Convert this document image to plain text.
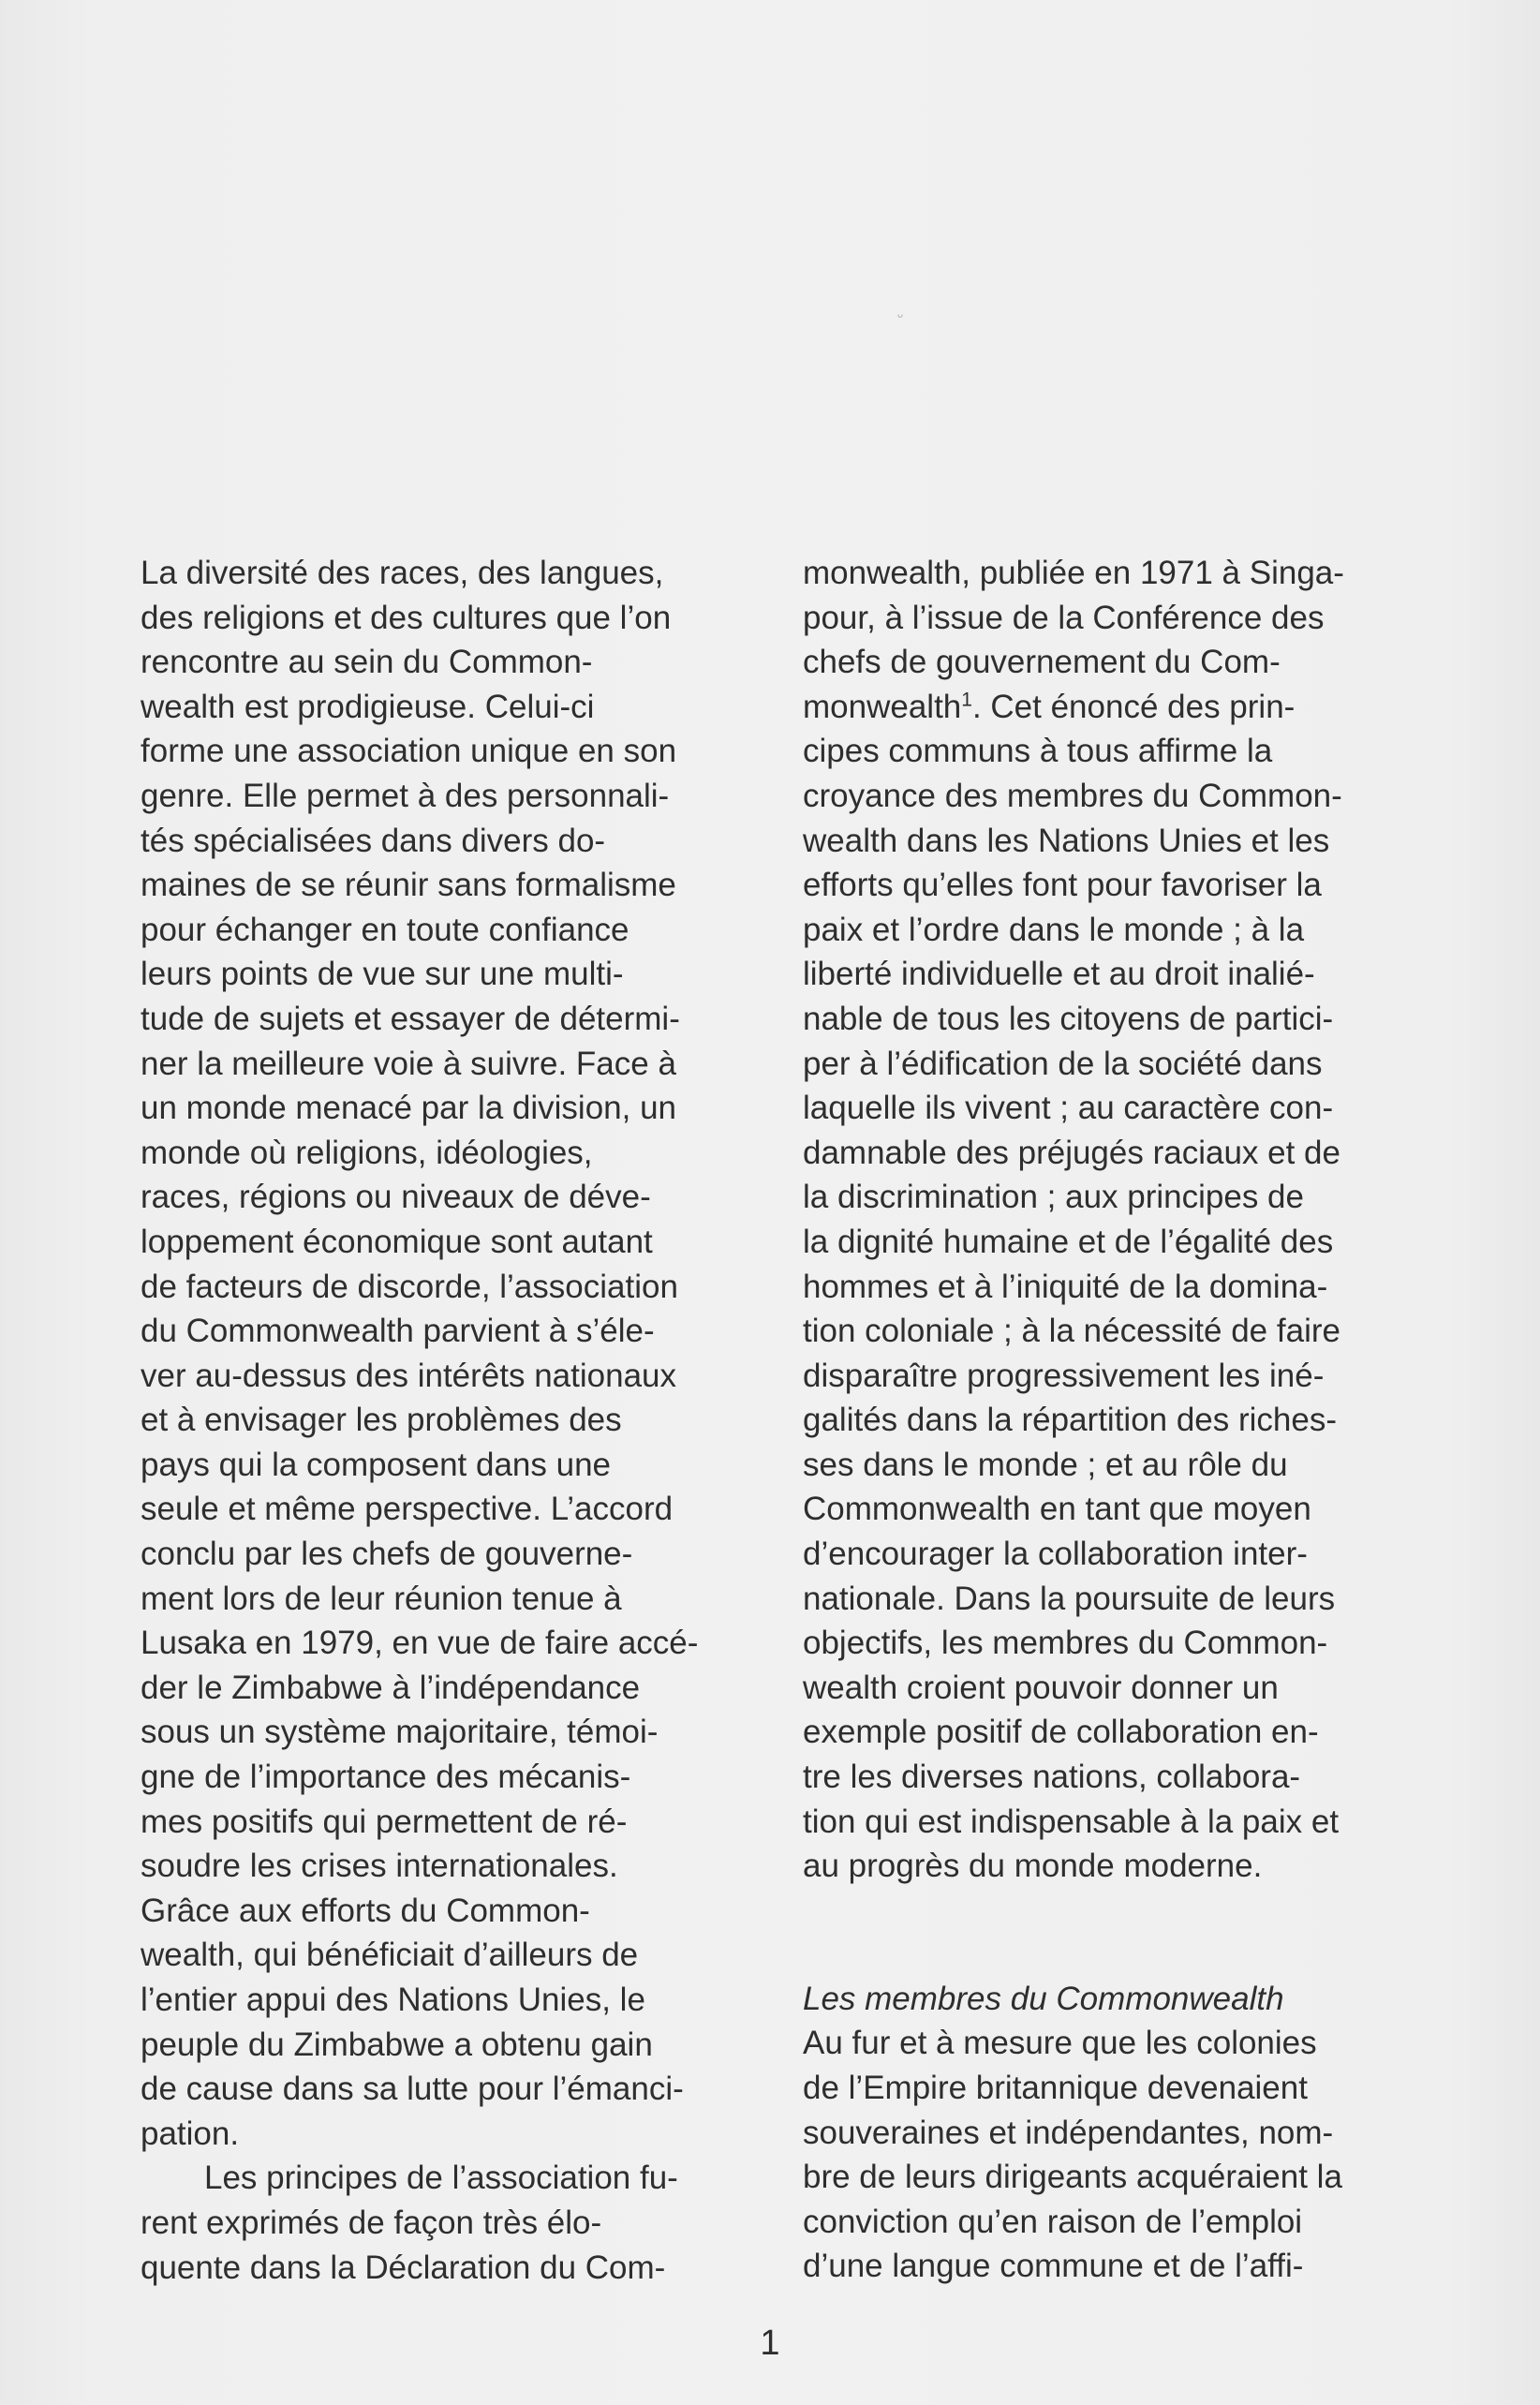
ᵕ
La diversité des races, des langues,
des religions et des cultures que l’on
rencontre au sein du Common-
wealth est prodigieuse. Celui-ci
forme une association unique en son
genre. Elle permet à des personnali-
tés spécialisées dans divers do-
maines de se réunir sans formalisme
pour échanger en toute confiance
leurs points de vue sur une multi-
tude de sujets et essayer de détermi-
ner la meilleure voie à suivre. Face à
un monde menacé par la division, un
monde où religions, idéologies,
races, régions ou niveaux de déve-
loppement économique sont autant
de facteurs de discorde, l’association
du Commonwealth parvient à s’éle-
ver au-dessus des intérêts nationaux
et à envisager les problèmes des
pays qui la composent dans une
seule et même perspective. L’accord
conclu par les chefs de gouverne-
ment lors de leur réunion tenue à
Lusaka en 1979, en vue de faire accé-
der le Zimbabwe à l’indépendance
sous un système majoritaire, témoi-
gne de l’importance des mécanis-
mes positifs qui permettent de ré-
soudre les crises internationales.
Grâce aux efforts du Common-
wealth, qui bénéficiait d’ailleurs de
l’entier appui des Nations Unies, le
peuple du Zimbabwe a obtenu gain
de cause dans sa lutte pour l’émanci-
pation.
Les principes de l’association fu-
rent exprimés de façon très élo-
quente dans la Déclaration du Com-
monwealth, publiée en 1971 à Singa-
pour, à l’issue de la Conférence des
chefs de gouvernement du Com-
monwealth$^1$. Cet énoncé des prin-
cipes communs à tous affirme la
croyance des membres du Common-
wealth dans les Nations Unies et les
efforts qu’elles font pour favoriser la
paix et l’ordre dans le monde ; à la
liberté individuelle et au droit inalié-
nable de tous les citoyens de partici-
per à l’édification de la société dans
laquelle ils vivent ; au caractère con-
damnable des préjugés raciaux et de
la discrimination ; aux principes de
la dignité humaine et de l’égalité des
hommes et à l’iniquité de la domina-
tion coloniale ; à la nécessité de faire
disparaître progressivement les iné-
galités dans la répartition des riches-
ses dans le monde ; et au rôle du
Commonwealth en tant que moyen
d’encourager la collaboration inter-
nationale. Dans la poursuite de leurs
objectifs, les membres du Common-
wealth croient pouvoir donner un
exemple positif de collaboration en-
tre les diverses nations, collabora-
tion qui est indispensable à la paix et
au progrès du monde moderne.
Les membres du Commonwealth
Au fur et à mesure que les colonies
de l’Empire britannique devenaient
souveraines et indépendantes, nom-
bre de leurs dirigeants acquéraient la
conviction qu’en raison de l’emploi
d’une langue commune et de l’affi-
1
